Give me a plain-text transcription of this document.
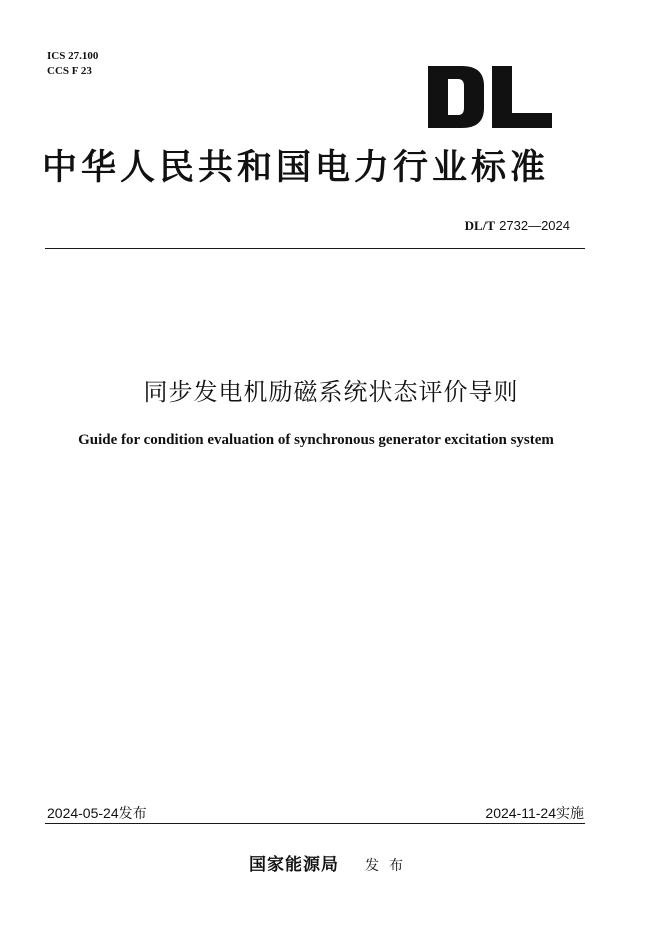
ICS 27.100
CCS F 23
中华人民共和国电力行业标准
DL/T 2732—2024
同步发电机励磁系统状态评价导则
Guide for condition evaluation of synchronous generator excitation system
2024-05-24发布	2024-11-24实施
国家能源局 发布
